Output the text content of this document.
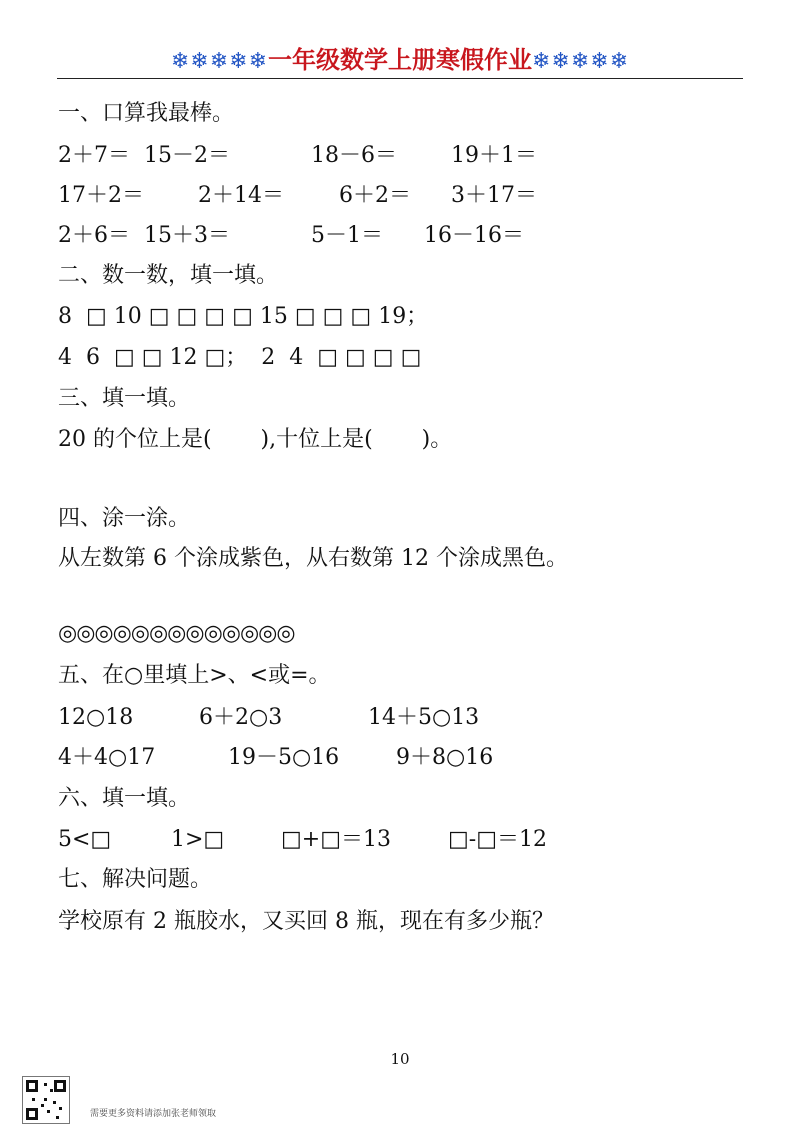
❄❄❄❄❄一年级数学上册寒假作业❄❄❄❄❄
一、口算我最棒。
2＋7＝ 15－2＝	18－6＝ 19＋1＝
17＋2＝ 2＋14＝	6＋2＝ 3＋17＝
2＋6＝ 15＋3＝	5－1＝ 16－16＝
二、数一数，填一填。
8  □ 10 □ □ □ □ 15 □ □ □ 19；
4  6  □ □ 12 □；  2  4  □ □ □ □
三、填一填。
20 的个位上是(       ),十位上是(       )。
四、涂一涂。
从左数第 6 个涂成紫色，从右数第 12 个涂成黑色。
◎◎◎◎◎◎◎◎◎◎◎◎◎
五、在○里填上>、<或=。
12○18	6＋2○3	14＋5○13
4＋4○17	19－5○16	9＋8○16
六、填一填。
5<□	1>□	□+□＝13	□-□＝12
七、解决问题。
学校原有 2 瓶胶水，又买回 8 瓶，现在有多少瓶？
10
需要更多资料请添加张老师领取
